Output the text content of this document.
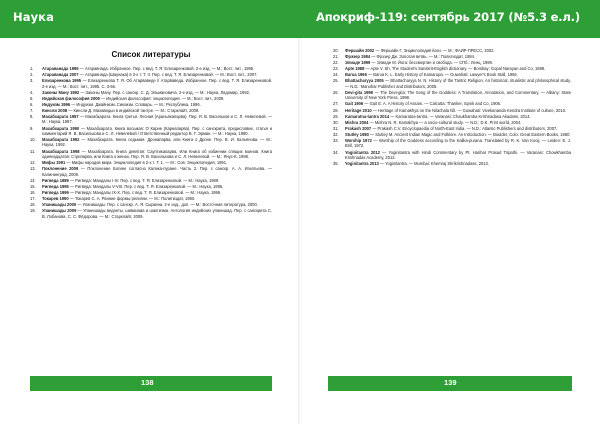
Наука	Апокриф-119: сентябрь 2017 (№5.3 е.л.)
Список литературы
1. Атараванада 1995 — Атаравнада. Избранное. Пер. с вед. Т. Я. Елизаренковой. 2-е изд. — М.: Вост. лит., 1995.
2. Атараванада 2007 — Атаравнада (Шаунака) в 3-х т. Т. II. Пер. с вед. Т. Я. Елизаренковой. — М.: Вост. лит., 2007.
3. Елизаренкова 1995 — Елизаренкова Т. Я. Об Атарваведе // Атарваведа. Избранное. Пер. с вед. Т. Я. Елизаренковой. 2-е изд. — М.: Вост. лит., 1995. С. 3-56.
4. Законы Ману 1992 — Законы Ману. Пер. с санскр. С. Д. Эльмановича. 2-е изд. — М.: Наука, Ладомир, 1992.
5. Индийская философия 2009 — Индийская философия: энциклопедия. — М.: Вост. лит., 2009.
6. Индуизм 1996 — Индуизм. Джайнизм. Сикхизм. Словарь. — М.: Республика, 1996.
7. Кинсли 2008 — Кинсли Д. Махавидьи в индийской тантре. — М.: Старклайт, 2008.
8. Махабхарата 1987 — Махабхарата. Книга третья. Лесная (Араньякапарва). Пер. Я. В. Васильков и С. Л. Невелевой. — М.: Наука, 1987.
9. Махабхарата 1990 — Махабхарата. Книга восьмая: О Карне (Карнапарва). Пер. с санскрита, предисловие, статья и комментарий Я. В. Василькова и С. Л. Невелевой / Ответственный редактор В. Г. Эрман. — М.: Наука, 1990.
10. Махабхарата 1992 — Махабхарата. Книга седьмая. Дронапарва, или Книга о Дроне. Пер. В. И. Кальянова. — М.: Наука, 1992.
11. Махабхарата 1998 — Махабхарата. Книга девятая: Сауптикапарва, Или Книга об избиении спящих воинов. Книга одиннадцатая: Стрипарва, или Книга о женах. Пер. Я. В. Василькова и С. Л. Невелевой. — М.: Янус-К, 1998.
12. Мифы 1991 — Мифы народов мира. Энциклопедия в 2-х т. Т. 1. — М.: Сов. Энциклопедия, 1991.
13. Поклонение 2009 — Поклонение Богине согласно Калика-пуране. Часть 2. Пер. с санскр. А. А. Игнатьева. — Калининград, 2009.
14. Ригведа 1989 — Ригведа: Мандалы I-IV. Пер. с вед. Т. Я. Елизаренковой. — М.: Наука, 1989.
15. Ригведа 1995 — Ригведа: Мандалы V-VIII. Пер. с вед. Т. Я. Елизаренковой. — М.: Наука, 1995.
16. Ригведа 1999 — Ригведа: Мандалы IX-X. Пер. с вед. Т. Я. Елизаренковой. — М.: Наука, 1999.
17. Токарев 1990 — Токарев С. А. Ранние формы религии. — М.: Политиздат, 1990.
18. Упанишады 2000 — Упанишады. Пер. с санскр. А. Я. Сыркина. 2-е изд., доп. — М.: Восточная литература, 2000.
19. Упанишады 2009 — Упанишады веданты, шиваизма и шактизма. Антология индийских упанишад. Пер. с санскрита С. В. Лобанова, С. С. Фёдорова. — М.: Старклайт, 2009.
20. Фершайн 2002 — Фершайн Г. Энциклопедия йоги. — М.: ФАИР-ПРЕСС, 2002.
21. Фрэзер 1984 — Фрэзер Дж. Золотая ветвь. — М.: Политиздат, 1984.
22. Элиаде 1999 — Элиаде М. Йога: бессмертие и свобода. — СПб.: Ленц, 1999.
23. Apte 1988 — Apte V. Sh. The Student's Sanskrit-English dictionary. — Bombay: Gopal Narayan and Co, 1988.
24. Barua 1966 — Barua K. L. Early History of Kamarupa. — Guwahati: Lawyer's Book Stall, 1966.
25. Bhattacharyya 2005 — Bhattacharyya N. N. History of the Tantric Religion. An historical, ritualistic and philosophical study. — N.D.: Manohar Publisher and Distributors, 2005.
26. Devi-gita 1998 — The Devi-gita; The Song of the Goddess: A Translation, Annotation, and Commentary. — Albany: State University of New York Press, 1998.
27. Gait 1906 — Gait E. A. A History of Assam. — Calcutta: Thanker, Spink and Co, 1906.
28. Heritage 2010 — Heritage of Kamakhya on the Nilachala hill. — Guwahati: Vivekananda Kendra Institute of culture, 2010.
29. Kamaratna-tantra 2014 — Kamaratna-tantra. — Varanasi: Chaukhamba Krishnadasa Akadami, 2014.
30. Mishra 2004 — Mishra N. R. Kamakhya — a socio-cultural study. — N.D.: D.K. Print world, 2004.
31. Prakash 2007 — Prakash C.V. Encyclopaedia of North-East India. — N.D.: Atlantic Publishers and distributors, 2007.
32. Stutley 1980 — Stutley M. Ancient Indian Magic and Folklore. An Introduction. — Boulder, Colo: Great Eastern Books, 1980.
33. Worship 1972 — Worship of the Goddess according to the Kalika-purana. Translated by R. K. Van Kooij. — Leiden: E. J. Brill, 1972.
34. Yoginitantra 2012 — Yoginitantra with Hindi Commentary by Pt. Harihar Prasad Tripathi. — Varanasi: Chowkhamba Krishnadas Academy, 2012.
35. Yoginitantra 2013 — Yoginitantra. — Mumbai: Khemraj Shrikrishnadass, 2013.
138	139
